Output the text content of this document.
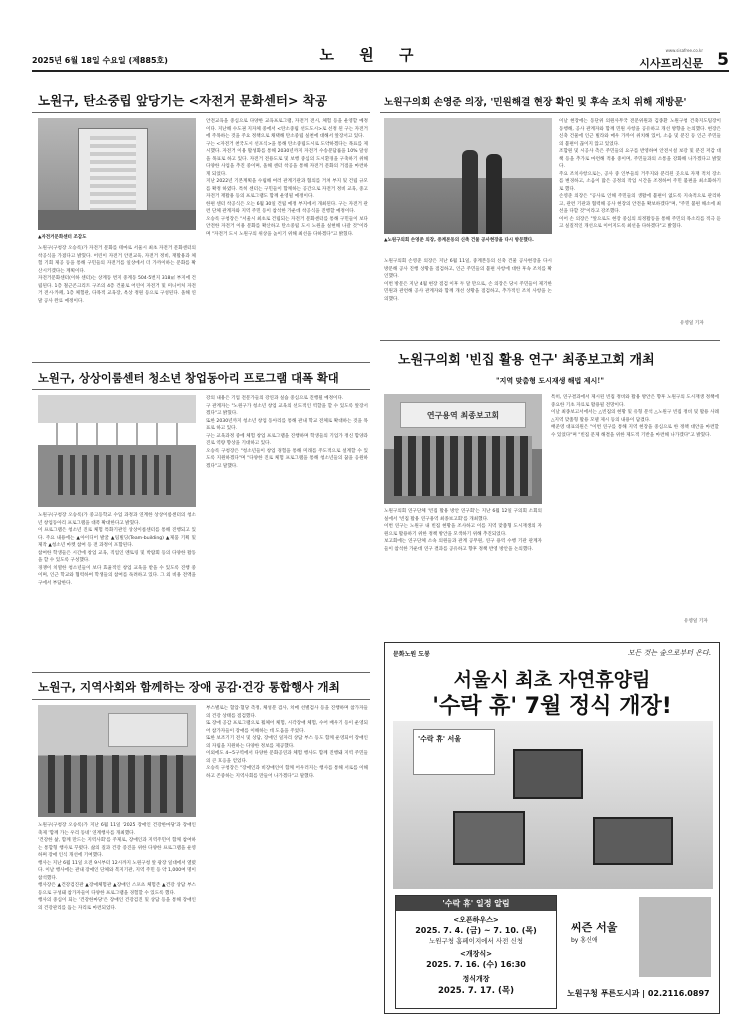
노 원 구
2025년 6월 18일 수요일 (제885호)
www.sisafree.co.kr
시사프리신문 5
노원구, 탄소중립 앞당기는 <자전거 문화센터> 착공
▲자전거문화센터 조감도

노원구(구청장 오승록)가 자전거 문화를 테마로 서울시 최초 자전거 문화센터의 착공식을 가졌다고 밝혔다. 어린이 자전거 안전교육, 자전거 정비, 재활용과 체험 기회 제공 등을 통해 구민들의 자전거를 일상에서 더 가까이하는 문화를 확산시키겠다는 계획이다.

자전거문화센터(이하 센터)는 상계동 번지 중계동 504-5번지 318㎡ 부지에 건립된다. 1층 철근콘크리트 구조의 4층 건물로 어린이 자전거 및 미니어처 자전거 전시·카페, 1층 체험관, 다목적 교육장, 옥상 정원 등으로 구성된다. 올해 연말 공사 완료 예정이다.

안전교육을 중심으로 다양한 교육프로그램, 자전거 전시, 체험 등을 운영할 예정이다. 지난해 수도권 지자체 중에서 <탄소중립 선도도시>로 선정 된 구는 자전거에 주목하는 것을 주요 정책으로 채택해 탄소중립 실천에 대해서 앞장서고 있다.

구는 <자전거 천국도시 선포식>을 통해 탄소중립도시로 도약하겠다는 목표를 제시했다. 자전거 이용 활성화를 통해 2030년까지 자전거 수송분담률을 10% 달성을 목표로 하고 있다. 자전거 전용도로 및 보행 중심의 도시환경을 구축하기 위해 다양한 사업을 추진 중이며, 올해 센터 착공을 통해 자전거 문화의 거점을 마련하게 되었다.

지난 2022년 기본계획을 수립해 여러 관계기관과 협의를 거쳐 부지 및 건립 규모를 확정 하였다. 특히 센터는 구민들이 함께하는 공간으로 자전거 정비 교육, 중고자전거 재활용 등의 프로그램도 함께 운영될 예정이다.

한편 센터 착공식은 오는 6월 30일 건립 예정 부지에서 개최된다. 구는 자전거 관련 단체 관계자와 지역 주민 등이 참석한 가운데 착공식을 진행할 예정이다.

오승록 구청장은 "서울시 최초로 건립되는 자전거 문화센터를 통해 구민들이 보다 안전한 자전거 이용 문화를 확산하고 탄소중립 도시 노원을 실현해 나갈 것"이라며 "자전거 도시 노원구의 위상을 높이기 위해 최선을 다하겠다"고 밝혔다.

노원구의회 손영준 의장, '민원해결 현장 확인 및 후속 조치 위해 재방문'
▲노원구의회 손영준 의장, 중계본동의 신축 건물 공사현장을 다시 방문했다.

노원구의회 손영준 의장은 지난 6월 11일, 중계본동의 신축 건물 공사현장을 다시 방문해 공사 진행 상황을 점검하고, 인근 주민들의 불편 사항에 대한 후속 조치를 확인했다.

이번 방문은 지난 4월 현장 점검 이후 두 달 만으로, 손 의장은 당시 주민들이 제기한 민원과 관련해 공사 관계자와 함께 개선 상황을 점검하고, 추가적인 조치 사항을 논의했다.

이날 현장에는 동단위 의원사무국 전문위원과 김종환 노원구청 건축지도팀장이 동행해, 공사 관계자와 함께 민원 사항을 공유하고 개선 방향을 논의했다. 현장은 신축 건물에 인근 빌라와 매우 가까이 위치해 있어, 소음 및 분진 등 인근 주민들의 불편이 끊이지 않고 있었다.

조합원 및 시공사 측은 주민들의 요구를 반영하여 안전시설 보강 및 분진 저감 대책 등을 추가로 마련해 적용 중이며, 주민들과의 소통을 강화해 나가겠다고 밝혔다.

주요 조치사항으로는, 공사 중 인부들의 거주지와 분리된 곳으로 자재 적치 장소를 변경하고, 소음이 많은 공정의 작업 시간을 조정하여 주민 불편을 최소화하기로 했다.

손영준 의장은 "공사로 인해 주민들의 생활에 불편이 없도록 지속적으로 관리하고, 관련 기관과 협력해 공사 현장의 안전을 확보하겠다"며, "주민 불편 해소에 최선을 다할 것"이라고 강조했다.

이어 손 의장은 "앞으로도 현장 중심의 의정활동을 통해 주민의 목소리를 적극 듣고 실질적인 개선으로 이어지도록 최선을 다하겠다"고 밝혔다.

유영일 기자
노원구, 상상이룸센터 청소년 창업동아리 프로그램 대폭 확대

노원구(구청장 오승록)가 중고등학교 수업 과정과 연계한 상상이룸센터의 청소년 창업동아리 프로그램을 대폭 확대한다고 밝혔다.

이 프로그램은 청소년 진로 체험 특화기관인 상상이룸센터를 통해 진행되고 있다. 주요 내용에는 ▲아이디어 발굴 ▲팀빌딩(Team-building) ▲제품 기획 및 제작 ▲청소년 마켓 참여 등 전 과정이 포함된다.

참여한 학생들은 시간에 창업 교육, 직업인 멘토링 및 박람회 등의 다양한 활동을 할 수 있도록 구성했다.

경쟁이 치열한 청소년들이 보다 효율적인 창업 교육을 받을 수 있도록 진행 중이며, 인근 학교와 협력하여 학생들의 참여를 독려하고 있다. 그 외 비용 전액을 구에서 부담한다.

강의 내용은 기업 전문가들의 강연과 실습 중심으로 진행될 예정이다.

구 관계자는 "노원구가 청소년 창업 교육의 선도적인 역할을 할 수 있도록 앞장서겠다"고 밝혔다.

또한 2030년까지 청소년 창업 동아리를 통해 관내 학교 전체로 확대하는 것을 목표로 하고 있다.

구는 교육과정 중에 체험 창업 프로그램을 진행하며 학생들의 기업가 정신 함양과 진로 역량 향상을 기대하고 있다.

오승록 구청장은 "청소년들이 창업 경험을 통해 미래를 주도적으로 설계할 수 있도록 지원하겠다"며 "다양한 진로 체험 프로그램을 통해 청소년들의 꿈을 응원하겠다"고 말했다.

노원구의회 '빈집 활용 연구' 최종보고회 개최
"지역 맞춤형 도시재생 해법 제시!"
연구용역 최종보고회

노원구의회 연구단체 '빈집 활용 방안 연구회'는 지난 6월 12일 구의회 소회의실에서 '빈집 활용 연구용역 최종보고회'를 개최했다.

이번 연구는 노원구 내 빈집 현황을 조사하고 이를 지역 맞춤형 도시재생의 자원으로 활용하기 위한 정책 방안을 모색하기 위해 추진되었다.

보고회에는 연구단체 소속 의원들과 관계 공무원, 연구 용역 수행 기관 관계자들이 참석한 가운데 연구 결과를 공유하고 향후 정책 반영 방안을 논의했다.

특히, 연구결과에서 제시된 빈집 정비와 활용 방안은 향후 노원구의 도시재생 정책에 중요한 기초 자료로 활용될 전망이다.

이날 최종보고서에서는 △빈집의 현황 및 유형 분석 △노원구 빈집 정비 및 활용 사례 △지역 맞춤형 활용 모델 제시 등의 내용이 담겼다.

배준영 대표의원은 "이번 연구를 통해 지역 현장을 중심으로 한 정책 대안을 마련할 수 있었다"며 "빈집 문제 해결을 위한 제도적 기반을 마련해 나가겠다"고 밝혔다.

유영일 기자
노원구, 지역사회와 함께하는 장애 공감·건강 통합행사 개최

노원구(구청장 오승록)가 지난 6월 11일 '2025 장애인 건강한마당'과 장애인 축제 '함께 가는 우리 동네' 연계행사를 개최했다.

'건강한 삶, 함께 만드는 지역사회'를 주제로, 장애인과 지역주민이 함께 참여하는 통합형 행사로 꾸렸다. 삶의 질과 건강 증진을 위한 다양한 프로그램을 운영하며 장애 인식 개선에 기여했다.

행사는 지난 6월 11일 오전 9시부터 12시까지 노원구청 앞 광장 일대에서 열렸다. 이날 행사에는 관내 장애인 단체와 복지기관, 지역 주민 등 약 1,000여 명이 참석했다.

행사장은 ▲건강검진관 ▲장애체험관 ▲장애인 스포츠 체험존 ▲건강 상담 부스 등으로 구성돼 참가자들이 다양한 프로그램을 경험할 수 있도록 했다.

행사의 중심이 되는 '건강한마당'은 장애인 건강검진 및 상담 등을 통해 장애인의 건강관리를 돕는 자리로 마련되었다.

부스별로는 혈압·혈당 측정, 체성분 검사, 치매 선별검사 등을 진행하며 참가자들의 건강 상태를 점검했다.

또 장애 공감 프로그램으로 휠체어 체험, 시각장애 체험, 수어 배우기 등이 운영되어 참가자들이 장애를 이해하는 데 도움을 주었다.

또한 보조기기 전시 및 상담, 장애인 일자리 상담 부스 등도 함께 운영되어 장애인의 자립을 지원하는 다양한 정보를 제공했다.

이외에도 4~5구역에서 다양한 문화공연과 체험 행사도 함께 진행돼 지역 주민들의 큰 호응을 얻었다.

오승록 구청장은 "장애인과 비장애인이 함께 어우러지는 행사를 통해 서로를 이해하고 존중하는 지역사회를 만들어 나가겠다"고 말했다.

문화노원 도봉	모든 것는 숲으로부터 온다.
서울시 최초 자연휴양림
'수락 휴' 7월 정식 개장!
'수락 휴' 서울
'수락 휴' 일정 알림
<오픈하우스>
2025. 7. 4. (금) ~ 7. 10. (목)
노원구청 홈페이지에서 사전 신청
<개장식>
2025. 7. 16. (수) 16:30
정식개장
2025. 7. 17. (목)
씨즌 서울
by 홍신애
노원구청 푸른도시과 | 02.2116.0897
